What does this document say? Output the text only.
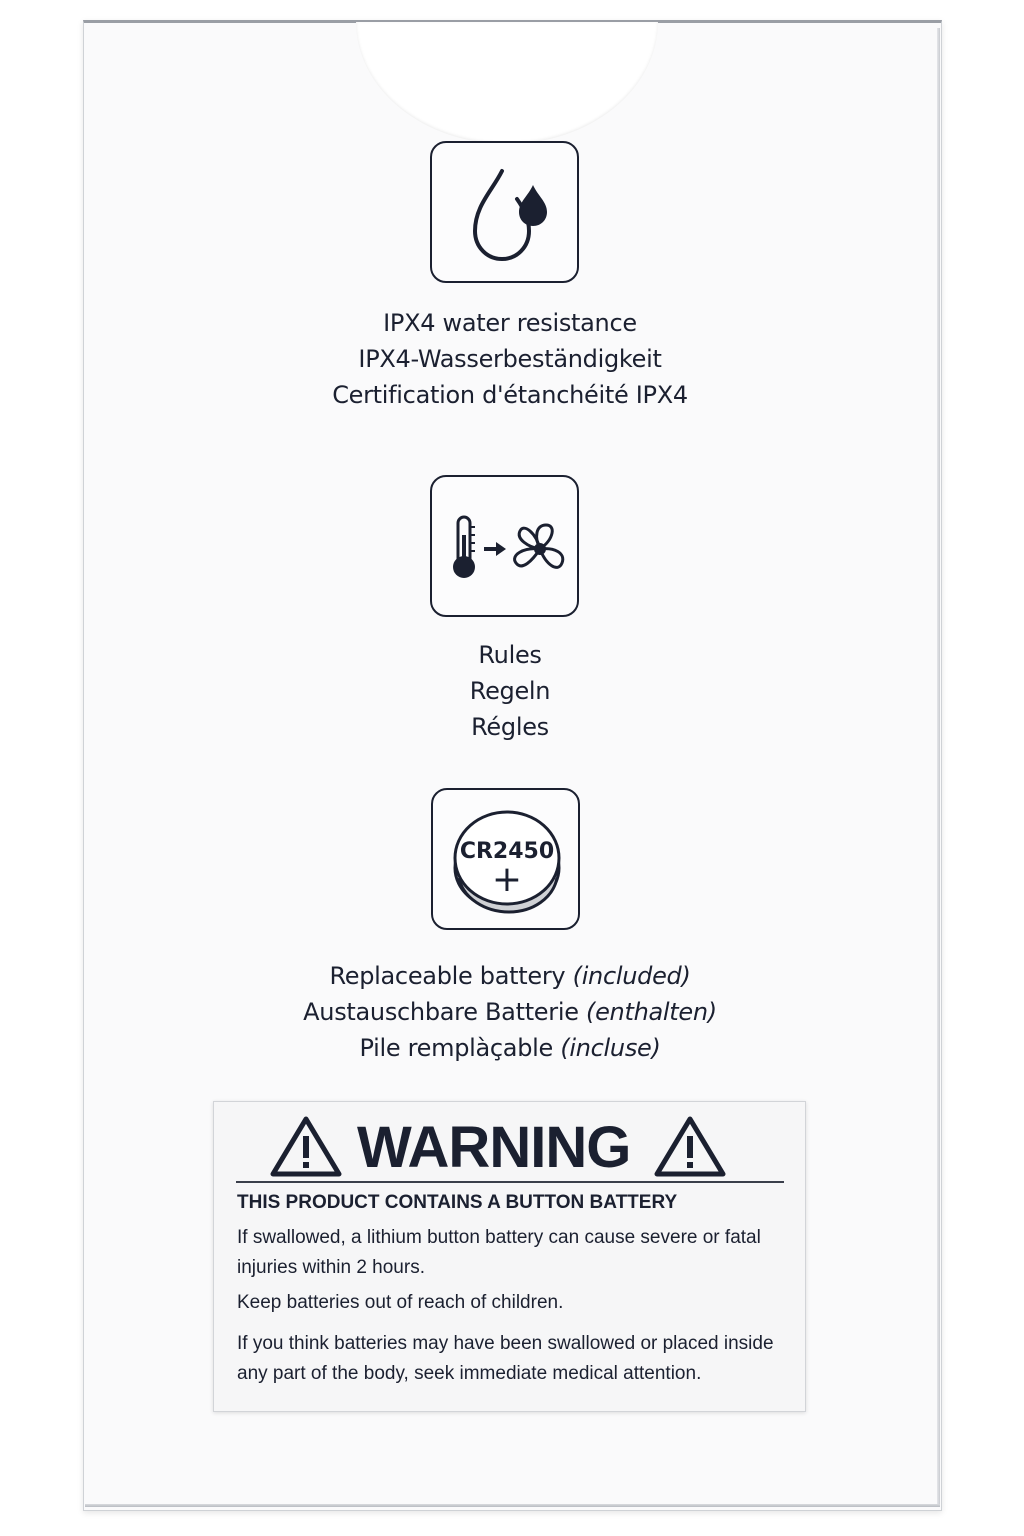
IPX4 water resistance
IPX4-Wasserbeständigkeit
Certification d'étanchéité IPX4
Rules
Regeln
Régles
CR2450
+
Replaceable battery (included)
Austauschbare Batterie (enthalten)
Pile remplàçable (incluse)
WARNING
THIS PRODUCT CONTAINS A BUTTON BATTERY
If swallowed, a lithium button battery can cause severe or fatal injuries within 2 hours.
Keep batteries out of reach of children.
If you think batteries may have been swallowed or placed inside any part of the body, seek immediate medical attention.
